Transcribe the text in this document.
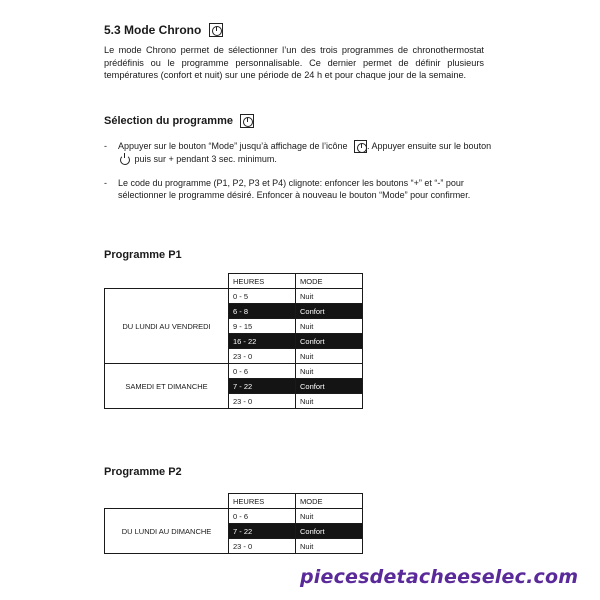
5.3 Mode Chrono
Le mode Chrono permet de sélectionner l’un des trois programmes de chronothermostat prédéfinis ou le programme personnalisable. Ce dernier permet de définir plusieurs températures (confort et nuit) sur une période de 24 h et pour chaque jour de la semaine.
Sélection du programme
- Appuyer sur le bouton “Mode” jusqu’à affichage de l’icône . Appuyer ensuite sur le bouton  puis sur + pendant 3 sec. minimum.
- Le code du programme (P1, P2, P3 et P4) clignote: enfoncer les boutons “+” et “-” pour sélectionner le programme désiré. Enfoncer à nouveau le bouton “Mode” pour confirmer.
Programme P1
	HEURES	MODE
DU LUNDI AU VENDREDI	0 - 5	Nuit
	6 - 8	Confort
	9 - 15	Nuit
	16 - 22	Confort
	23 - 0	Nuit
SAMEDI ET DIMANCHE	0 - 6	Nuit
	7 - 22	Confort
	23 - 0	Nuit
Programme P2
	HEURES	MODE
DU LUNDI AU DIMANCHE	0 - 6	Nuit
	7 - 22	Confort
	23 - 0	Nuit
piecesdetacheeselec.com
